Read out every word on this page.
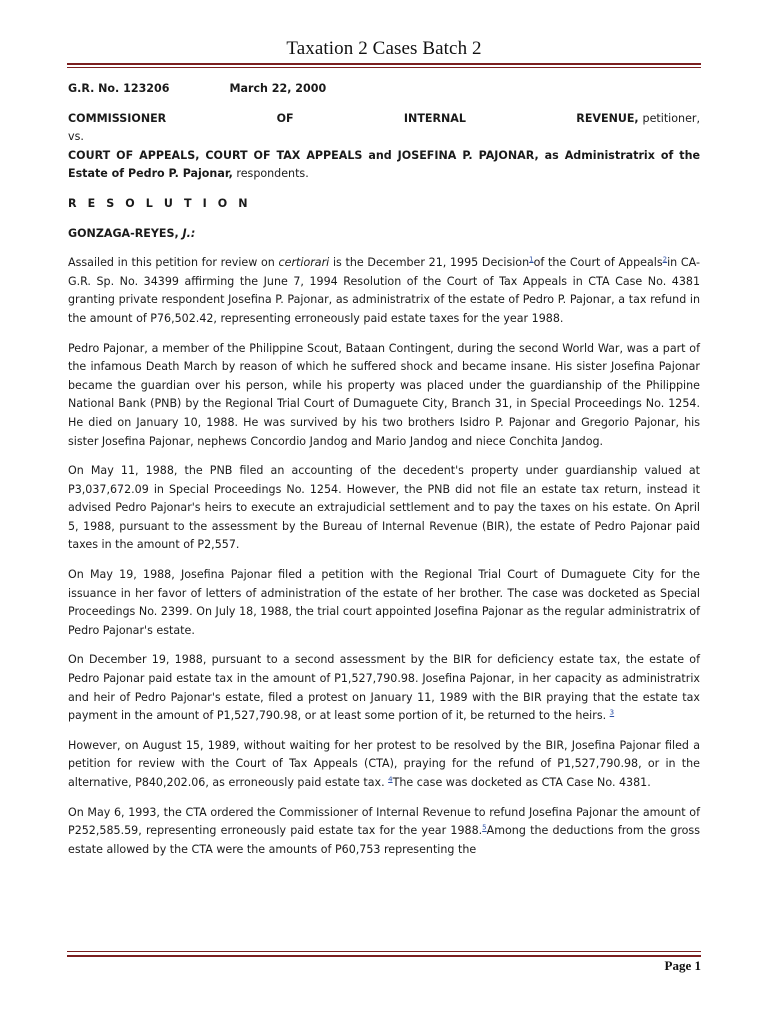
Taxation 2 Cases Batch 2
G.R. No. 123206	March 22, 2000
COMMISSIONER	OF	INTERNAL	REVENUE, petitioner,
vs.

COURT OF APPEALS, COURT OF TAX APPEALS and JOSEFINA P. PAJONAR, as Administratrix of the Estate of Pedro P. Pajonar, respondents.

R E S O L U T I O N
GONZAGA-REYES, J.:

Assailed in this petition for review on certiorari is the December 21, 1995 Decision$^1$of the Court of Appeals$^2$in CA-G.R. Sp. No. 34399 affirming the June 7, 1994 Resolution of the Court of Tax Appeals in CTA Case No. 4381 granting private respondent Josefina P. Pajonar, as administratrix of the estate of Pedro P. Pajonar, a tax refund in the amount of P76,502.42, representing erroneously paid estate taxes for the year 1988.

Pedro Pajonar, a member of the Philippine Scout, Bataan Contingent, during the second World War, was a part of the infamous Death March by reason of which he suffered shock and became insane. His sister Josefina Pajonar became the guardian over his person, while his property was placed under the guardianship of the Philippine National Bank (PNB) by the Regional Trial Court of Dumaguete City, Branch 31, in Special Proceedings No. 1254. He died on January 10, 1988. He was survived by his two brothers Isidro P. Pajonar and Gregorio Pajonar, his sister Josefina Pajonar, nephews Concordio Jandog and Mario Jandog and niece Conchita Jandog.

On May 11, 1988, the PNB filed an accounting of the decedent's property under guardianship valued at P3,037,672.09 in Special Proceedings No. 1254. However, the PNB did not file an estate tax return, instead it advised Pedro Pajonar's heirs to execute an extrajudicial settlement and to pay the taxes on his estate. On April 5, 1988, pursuant to the assessment by the Bureau of Internal Revenue (BIR), the estate of Pedro Pajonar paid taxes in the amount of P2,557.

On May 19, 1988, Josefina Pajonar filed a petition with the Regional Trial Court of Dumaguete City for the issuance in her favor of letters of administration of the estate of her brother. The case was docketed as Special Proceedings No. 2399. On July 18, 1988, the trial court appointed Josefina Pajonar as the regular administratrix of Pedro Pajonar's estate.

On December 19, 1988, pursuant to a second assessment by the BIR for deficiency estate tax, the estate of Pedro Pajonar paid estate tax in the amount of P1,527,790.98. Josefina Pajonar, in her capacity as administratrix and heir of Pedro Pajonar's estate, filed a protest on January 11, 1989 with the BIR praying that the estate tax payment in the amount of P1,527,790.98, or at least some portion of it, be returned to the heirs. $^3$

However, on August 15, 1989, without waiting for her protest to be resolved by the BIR, Josefina Pajonar filed a petition for review with the Court of Tax Appeals (CTA), praying for the refund of P1,527,790.98, or in the alternative, P840,202.06, as erroneously paid estate tax. $^4$The case was docketed as CTA Case No. 4381.

On May 6, 1993, the CTA ordered the Commissioner of Internal Revenue to refund Josefina Pajonar the amount of P252,585.59, representing erroneously paid estate tax for the year 1988.$^5$Among the deductions from the gross estate allowed by the CTA were the amounts of P60,753 representing the

Page 1
